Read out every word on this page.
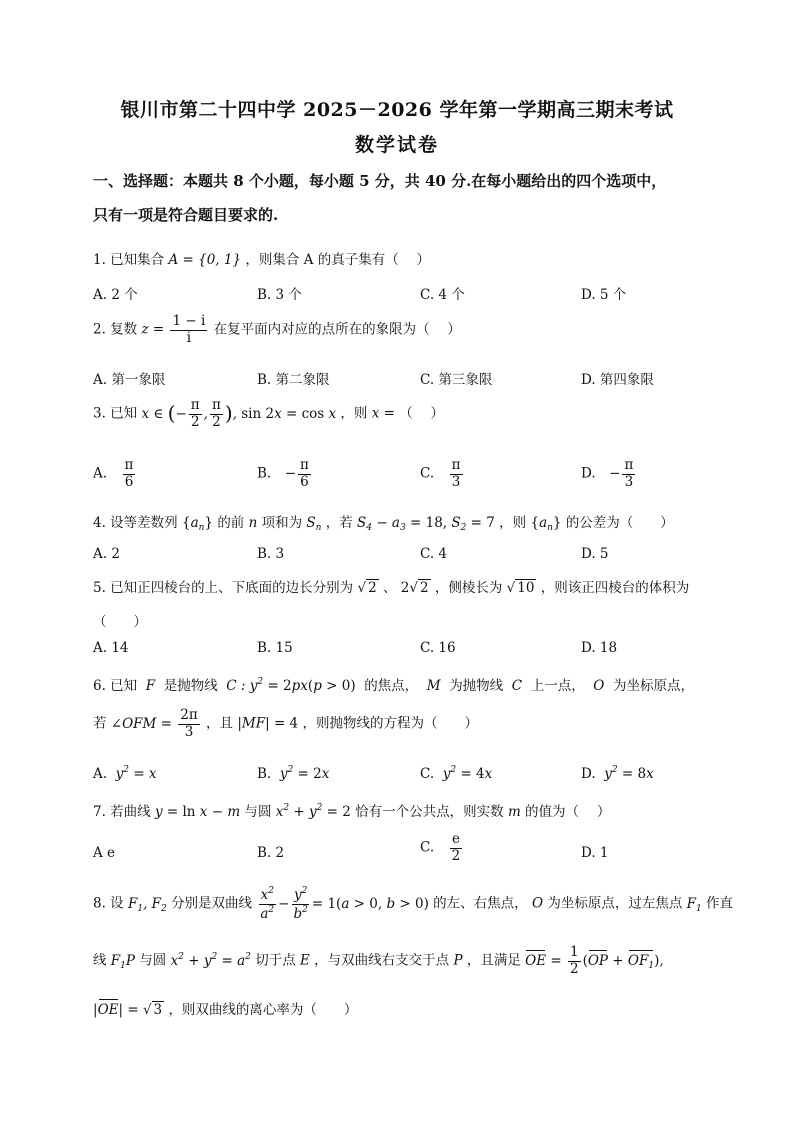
银川市第二十四中学 2025－2026 学年第一学期高三期末考试
数学试卷
一、选择题：本题共 8 个小题，每小题 5 分，共 40 分.在每小题给出的四个选项中，
只有一项是符合题目要求的.
1. 已知集合 A = {0, 1} ，则集合 A 的真子集有（　 ）
A. 2 个	B. 3 个	C. 4 个	D. 5 个
2. 复数 $z = \frac{1 - i}{i}$ 在复平面内对应的点所在的象限为（　 ）
A. 第一象限	B. 第二象限	C. 第三象限	D. 第四象限
3. 已知 x ∈ (− $\frac{\pi}{2}$ , $\frac{\pi}{2}$ ), sin 2x = cos x ，则 x = （　 ）
A.　 $\frac{\pi}{6}$	B.　− $\frac{\pi}{6}$	C.　 $\frac{\pi}{3}$	D.　− $\frac{\pi}{3}$
4. 设等差数列 $\{a_n\}$ 的前 n 项和为 $S_n$ ，若 $S_4 - a_3 = 18$, $S_2 = 7$ ，则 $\{a_n\}$ 的公差为（　　）
A. 2	B. 3	C. 4	D. 5
5. 已知正四棱台的上、下底面的边长分别为 √ 2 、 2√ 2 ，侧棱长为 √ 10 ，则该正四棱台的体积为
（　　）
A. 14	B. 15	C. 16	D. 18
6. 已知  F  是抛物线  C : $y^2 = 2px(p > 0)$ 的焦点，  M  为抛物线  C  上一点，  O  为坐标原点，
若 ∠OFM = $\frac{2\pi}{3}$ ，且 |MF| = 4 ，则抛物线的方程为（　　）
A. $y^2 = x$	B. $y^2 = 2x$	C. $y^2 = 4x$	D. $y^2 = 8x$
7. 若曲线 y = ln x − m 与圆 $x^2 + y^2 = 2$ 恰有一个公共点，则实数 m 的值为（　 ）
A e	B. 2	C.　 $\frac{e}{2}$	D. 1
8. 设 $F_1$, $F_2$ 分别是双曲线 $\frac{x^2}{a^2} - \frac{y^2}{b^2} = 1(a > 0$, b > 0) 的左、右焦点， O 为坐标原点，过左焦点 $F_1$ 作直
线 $F_1P$ 与圆 $x^2 + y^2 = a^2$ 切于点 E ，与双曲线右支交于点 P ，且满足 OE = $\frac{1}{2} (OP + OF_1)$,
|OE| = √ 3 ，则双曲线的离心率为（　　）
